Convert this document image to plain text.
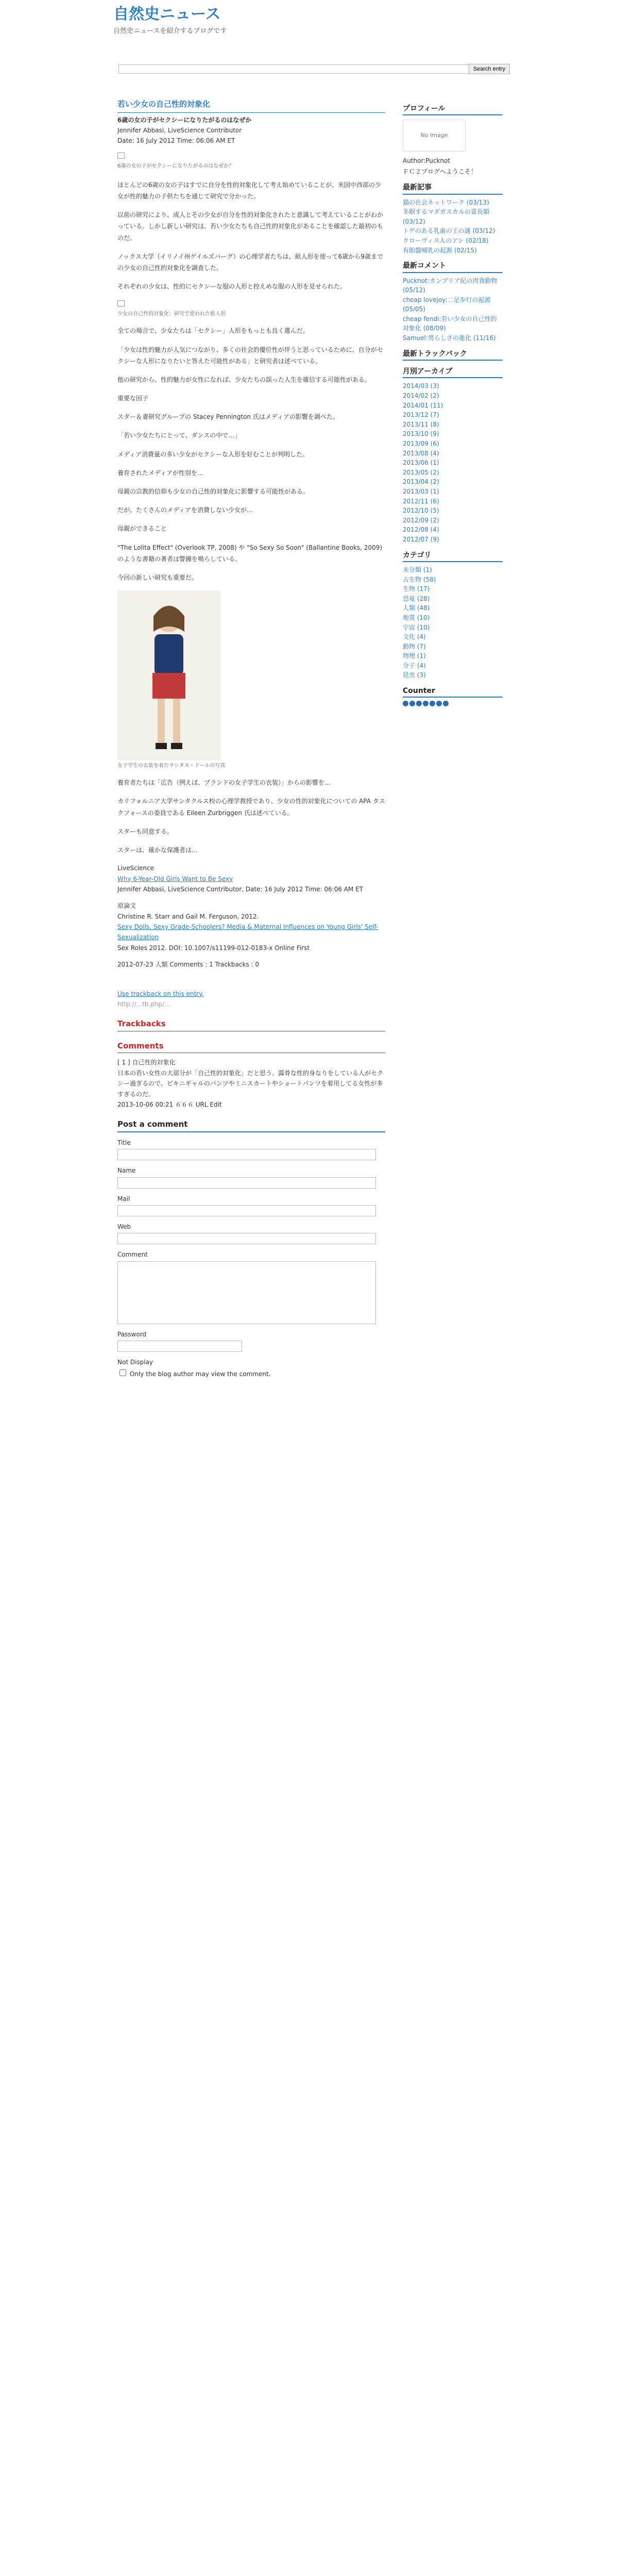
自然史ニュース
自然史ニュースを紹介するブログです
Search entry
若い少女の自己性的対象化
6歳の女の子がセクシーになりたがるのはなぜか
Jennifer Abbasi, LiveScience Contributor
Date: 16 July 2012 Time: 06:06 AM ET
6歳の女の子がセクシーになりたがるのはなぜか？

ほとんどの6歳の女の子はすでに自分を性的対象化して考え始めていることが、米国中西部の少女が性的魅力の子供たちを通じて研究で分かった。

以前の研究により、成人とその少女が自分を性的対象化されたと意識して考えていることがわかっている。しかし新しい研究は、若い少女たちも自己性的対象化があることを確認した最初のものだ。

ノックス大学（イリノイ州ゲイルズバーグ）の心理学者たちは、紙人形を使って6歳から9歳までの少女の自己性的対象化を調査した。

それぞれの少女は、性的にセクシーな服の人形と控えめな服の人形を見せられた。

少女の自己性的対象化：研究で使われた紙人形

全ての場合で、少女たちは「セクシー」人形をもっとも良く選んだ。

「少女は性的魅力が人気につながり、多くの社会的優位性が伴うと思っているために、自分がセクシーな人形になりたいと答えた可能性がある」と研究者は述べている。

他の研究から、性的魅力が女性になれば、少女たちの誤った人生を確信する可能性がある。

重要な因子

スター＆妻研究グループの Stacey Pennington 氏はメディアの影響を調べた。

「若い少女たちにとって、ダンスの中で…」

メディア消費量の多い少女がセクシーな人形を好むことが判明した。

養育されたメディアが性別を…

母親の宗教的信仰も少女の自己性的対象化に影響する可能性がある。

だが、たくさんのメディアを消費しない少女が…

母親ができること

"The Lolita Effect" (Overlook TP, 2008) や "So Sexy So Soon" (Ballantine Books, 2009) のような書籍の著者は警鐘を鳴らしている。

今回の新しい研究も重要だ。

女子学生の衣装を着たラシタス・ドールの写真

養育者たちは「広告（例えば、ブランドの女子学生の衣装）」からの影響を…

カリフォルニア大学サンタクルス校の心理学教授であり、少女の性的対象化についての APA タスクフォースの委員である Eileen Zurbriggen 氏は述べている。

スターも同意する。

スターは、確かな保護者は…

LiveScience
Why 6-Year-Old Girls Want to Be Sexy
Jennifer Abbasi, LiveScience Contributor, Date: 16 July 2012 Time: 06:06 AM ET
原論文
Christine R. Starr and Gail M. Ferguson, 2012.
Sexy Dolls, Sexy Grade-Schoolers? Media & Maternal Influences on Young Girls' Self-Sexualization
Sex Roles 2012. DOI: 10.1007/s11199-012-0183-x Online First
2012-07-23 人類 Comments : 1 Trackbacks : 0
Use trackback on this entry.
http://...tb.php/...
Trackbacks
Comments
[ 1 ] 自己性的対象化
日本の若い女性の大部分が「自己性的対象化」だと思う。露骨な性的身なりをしている人がセクシー過ぎるので、ビキニギャルのパンツやミニスカートやショートパンツを着用してる女性が多すぎるのだ。
2013-10-06 00:21 ６６６ URL Edit
Post a comment
Title
Name
Mail
Web
Comment
Password
Not Display
Only the blog author may view the comment.
プロフィール
No Image
Author:Pucknot
ＦＣ２ブログへようこそ！
最新記事
猫の社会ネットワーク (03/13)
冬眠するマダガスカルの霊長類 (03/12)
トゲのある乳歯の王の謎 (03/12)
クローヴィス人のアシ (02/18)
有胎盤哺乳の起源 (02/15)
最新コメント
Pucknot:カンブリア紀の肉食動物 (05/12)
cheap lovejoy:二足歩行の起源 (05/05)
cheap fendi:若い少女の自己性的対象化 (08/09)
Samuel:男らしさの進化 (11/16)
最新トラックバック
月別アーカイブ
2014/03 (3)
2014/02 (2)
2014/01 (11)
2013/12 (7)
2013/11 (8)
2013/10 (9)
2013/09 (6)
2013/08 (4)
2013/06 (1)
2013/05 (2)
2013/04 (2)
2013/03 (1)
2012/11 (6)
2012/10 (5)
2012/09 (2)
2012/08 (4)
2012/07 (9)
カテゴリ
未分類 (1)
古生物 (58)
生物 (17)
恐竜 (28)
人類 (48)
地質 (10)
宇宙 (10)
文化 (4)
動物 (7)
物理 (1)
分子 (4)
昆虫 (3)
Counter
